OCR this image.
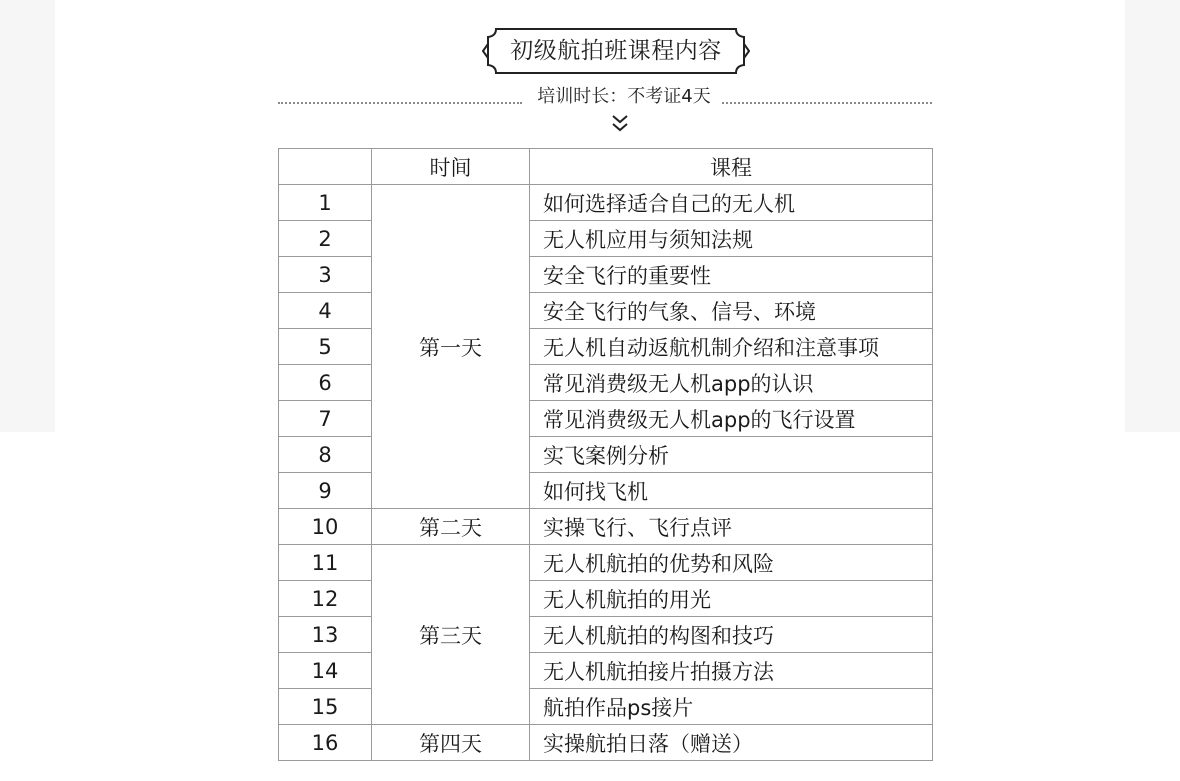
初级航拍班课程内容
培训时长：不考证4天
	时间	课程
1	第一天	如何选择适合自己的无人机
2		无人机应用与须知法规
3		安全飞行的重要性
4		安全飞行的气象、信号、环境
5		无人机自动返航机制介绍和注意事项
6		常见消费级无人机app的认识
7		常见消费级无人机app的飞行设置
8		实飞案例分析
9		如何找飞机
10	第二天	实操飞行、飞行点评
11	第三天	无人机航拍的优势和风险
12		无人机航拍的用光
13		无人机航拍的构图和技巧
14		无人机航拍接片拍摄方法
15		航拍作品ps接片
16	第四天	实操航拍日落（赠送）
